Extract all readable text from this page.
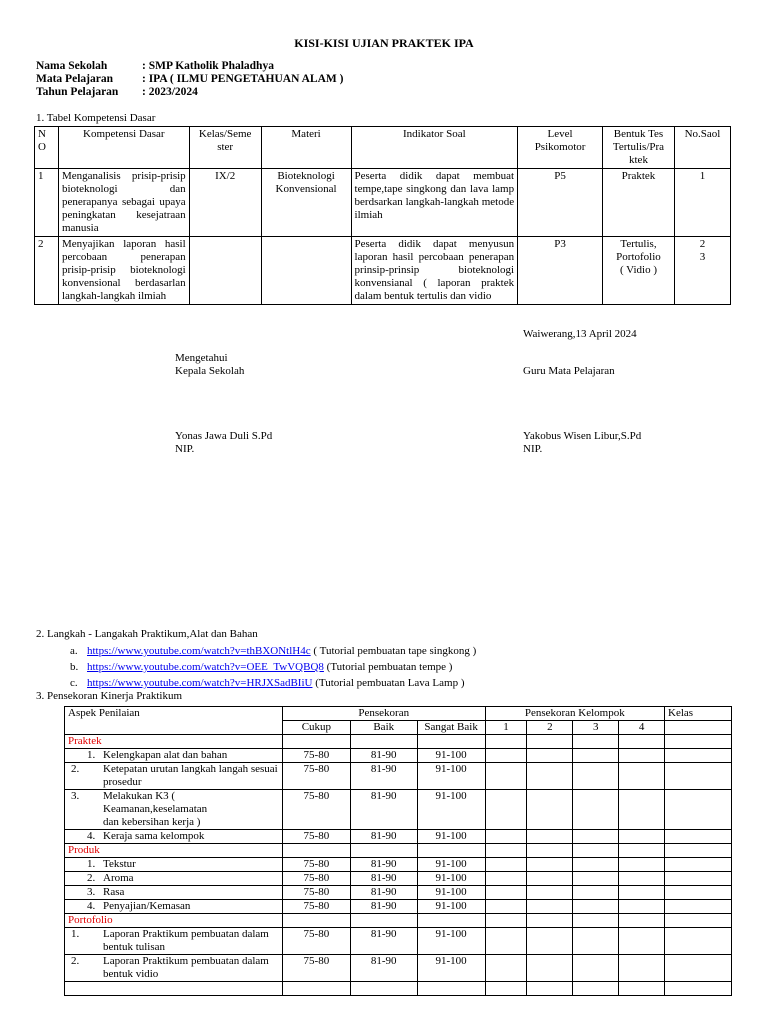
KISI-KISI UJIAN PRAKTEK IPA
Nama Sekolah	: SMP Katholik Phaladhya
Mata Pelajaran	: IPA ( ILMU PENGETAHUAN ALAM )
Tahun Pelajaran	: 2023/2024
1. Tabel Kompetensi Dasar
N O	Kompetensi Dasar	Kelas/Seme ster	Materi	Indikator Soal	Level Psikomotor	Bentuk Tes Tertulis/Pra ktek	No.Saol
1	Menganalisis prisip-prisip bioteknologi dan penerapanya sebagai upaya peningkatan kesejatraan manusia	IX/2	Bioteknologi Konvensional	Peserta didik dapat membuat tempe,tape singkong dan lava lamp berdsarkan langkah-langkah metode ilmiah	P5	Praktek	1
2	Menyajikan laporan hasil percobaan penerapan prisip-prisip bioteknologi konvensional berdasarlan langkah-langkah ilmiah			Peserta didik dapat menyusun laporan hasil percobaan penerapan prinsip-prinsip bioteknologi konvensianal ( laporan praktek dalam bentuk tertulis dan vidio	P3	Tertulis, Portofolio ( Vidio )	2 3
Waiwerang,13 April 2024
Mengetahui
Kepala Sekolah
Yonas Jawa Duli S.Pd
NIP.
Guru Mata Pelajaran
Yakobus Wisen Libur,S.Pd
NIP.
2. Langkah - Langakah Praktikum,Alat dan Bahan
a. https://www.youtube.com/watch?v=thBXONtlH4c ( Tutorial pembuatan tape singkong )
b. https://www.youtube.com/watch?v=OEE_TwVQBQ8 (Tutorial pembuatan tempe )
c. https://www.youtube.com/watch?v=HRJXSadBIiU (Tutorial pembuatan Lava Lamp )
3. Pensekoran Kinerja Praktikum
Aspek Penilaian	Pensekoran			Pensekoran Kelompok				Kelas
	Cukup	Baik	Sangat Baik	1	2	3	4	
Praktek								
1. Kelengkapan alat dan bahan	75-80	81-90	91-100					
2. Ketepatan urutan langkah langah sesuai prosedur	75-80	81-90	91-100					
3. Melakukan K3 ( Keamanan,keselamatan dan kebersihan kerja )	75-80	81-90	91-100					
4. Keraja sama kelompok	75-80	81-90	91-100					
Produk								
1. Tekstur	75-80	81-90	91-100					
2. Aroma	75-80	81-90	91-100					
3. Rasa	75-80	81-90	91-100					
4. Penyajian/Kemasan	75-80	81-90	91-100					
Portofolio								
1. Laporan Praktikum pembuatan dalam bentuk tulisan	75-80	81-90	91-100					
2. Laporan Praktikum pembuatan dalam bentuk vidio	75-80	81-90	91-100					
